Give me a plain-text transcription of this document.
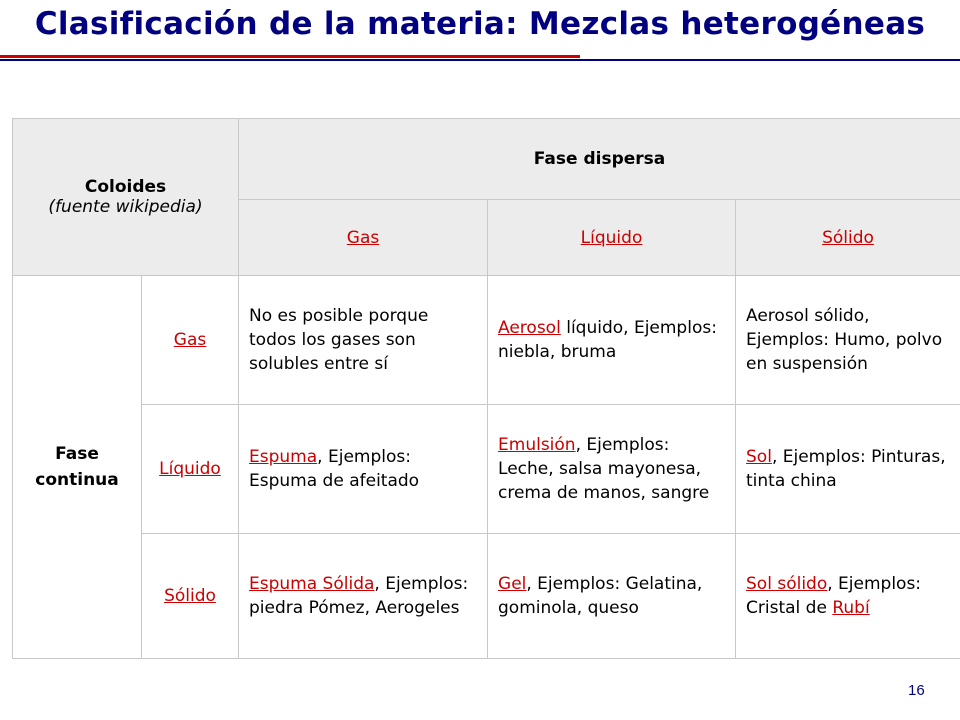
Clasificación de la materia: Mezclas heterogéneas
Coloides
(fuente wikipedia)		Fase dispersa		
		Gas	Líquido	Sólido
Fase continua	Gas	No es posible porque todos los gases son solubles entre sí	Aerosol líquido, Ejemplos: niebla, bruma	Aerosol sólido, Ejemplos: Humo, polvo en suspensión
	Líquido	Espuma, Ejemplos: Espuma de afeitado	Emulsión, Ejemplos: Leche, salsa mayonesa, crema de manos, sangre	Sol, Ejemplos: Pinturas, tinta china
	Sólido	Espuma Sólida, Ejemplos: piedra Pómez, Aerogeles	Gel, Ejemplos: Gelatina, gominola, queso	Sol sólido, Ejemplos: Cristal de Rubí
16
